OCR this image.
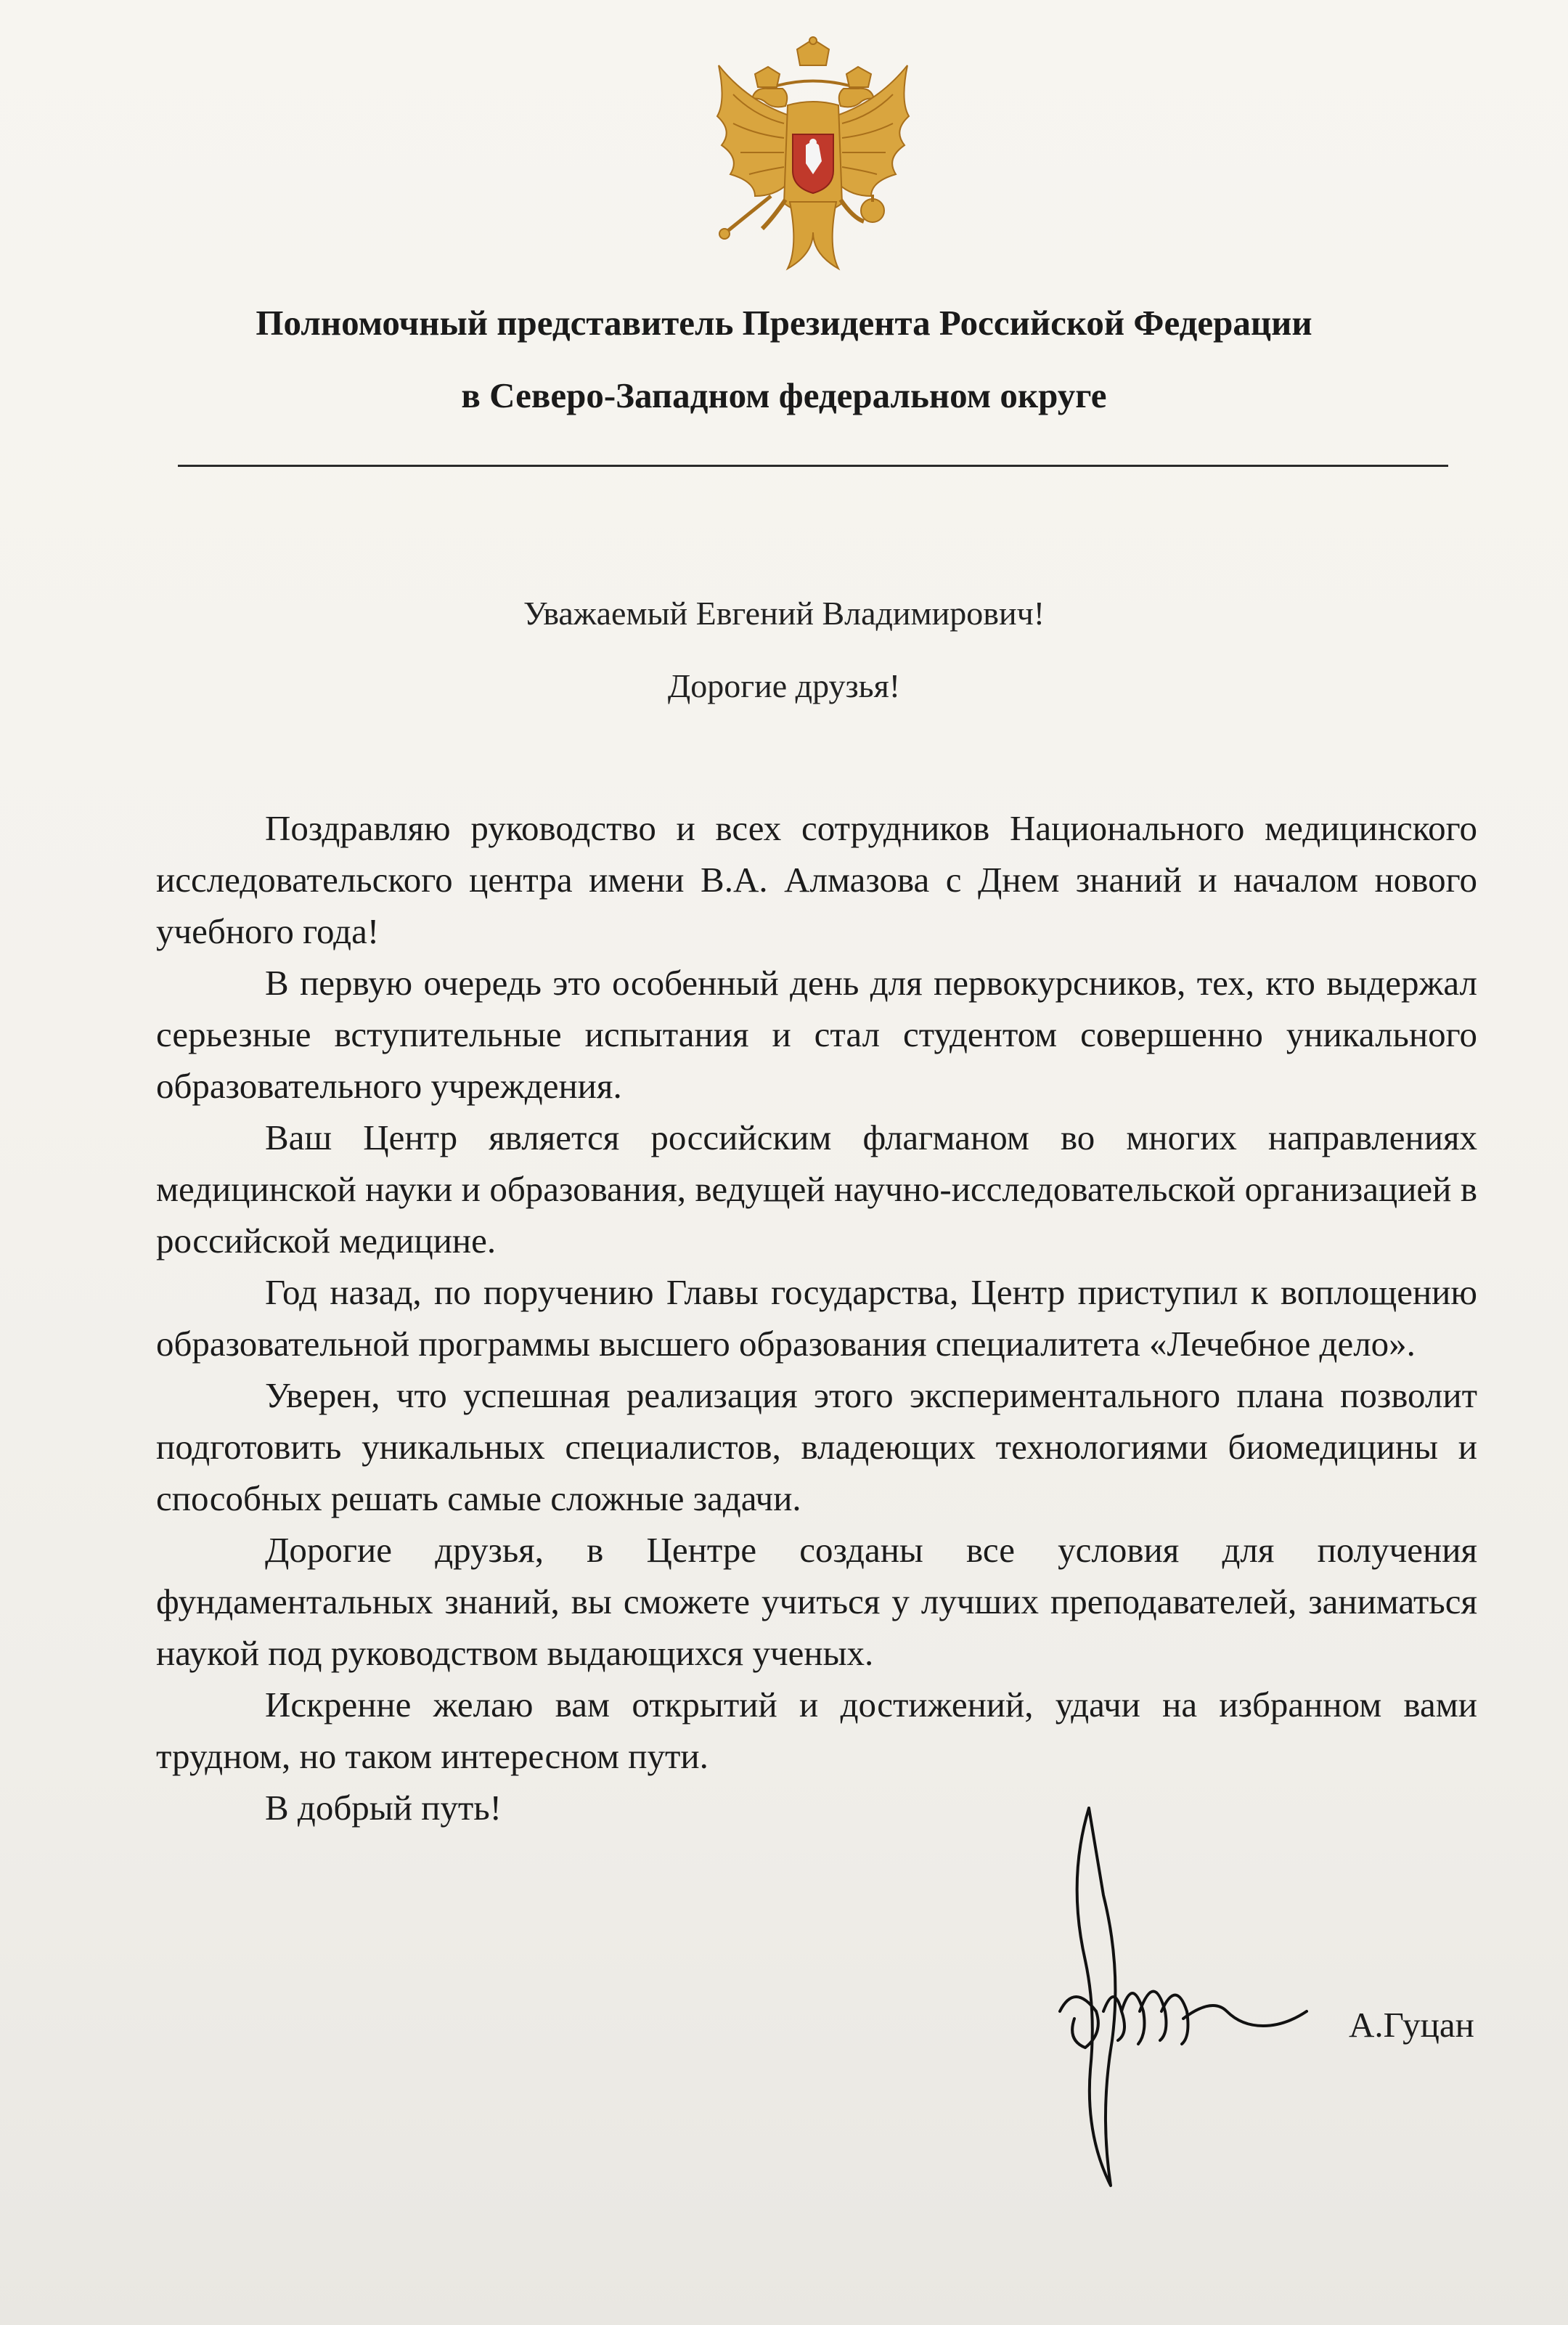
Полномочный представитель Президента Российской Федерации
в Северо-Западном федеральном округе
Уважаемый Евгений Владимирович!
Дорогие друзья!

Поздравляю руководство и всех сотрудников Национального медицинского исследовательского центра имени В.А. Алмазова с Днем знаний и началом нового учебного года!

В первую очередь это особенный день для первокурсников, тех, кто выдержал серьезные вступительные испытания и стал студентом совершенно уникального образовательного учреждения.

Ваш Центр является российским флагманом во многих направлениях медицинской науки и образования, ведущей научно-исследовательской организацией в российской медицине.

Год назад, по поручению Главы государства, Центр приступил к воплощению образовательной программы высшего образования специалитета «Лечебное дело».

Уверен, что успешная реализация этого экспериментального плана позволит подготовить уникальных специалистов, владеющих технологиями биомедицины и способных решать самые сложные задачи.

Дорогие друзья, в Центре созданы все условия для получения фундаментальных знаний, вы сможете учиться у лучших преподавателей, заниматься наукой под руководством выдающихся ученых.

Искренне желаю вам открытий и достижений, удачи на избранном вами трудном, но таком интересном пути.

В добрый путь!

А.Гуцан
